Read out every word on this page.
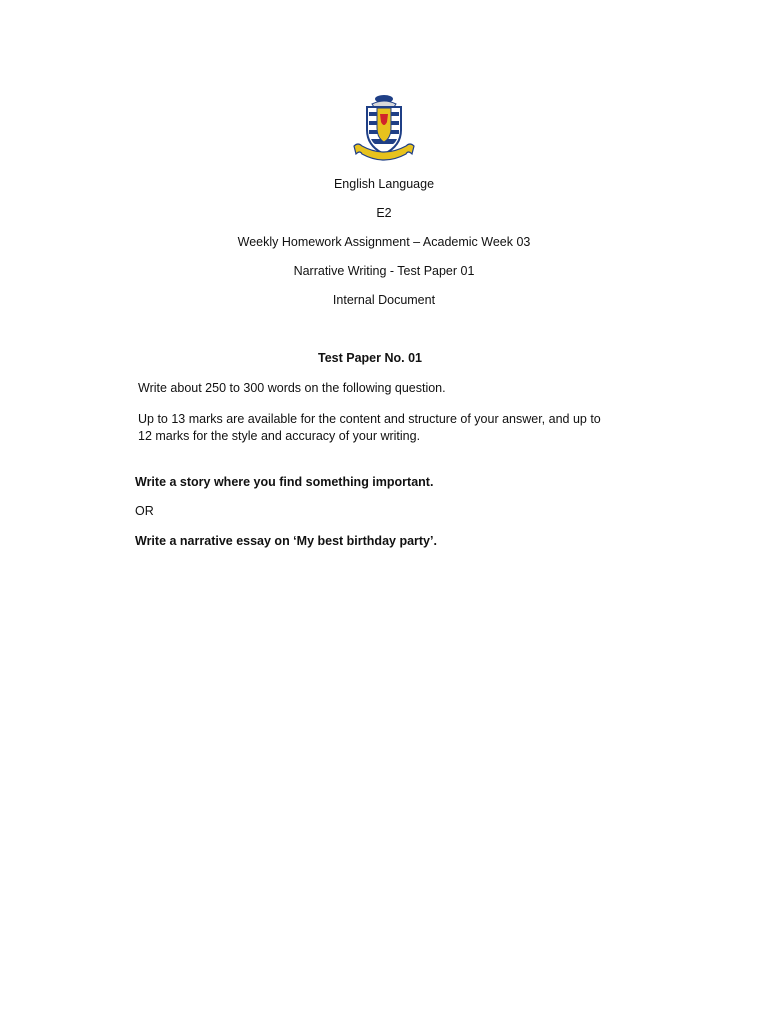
English Language
E2
Weekly Homework Assignment – Academic Week 03
Narrative Writing - Test Paper 01
Internal Document
Test Paper No. 01
Write about 250 to 300 words on the following question.
Up to 13 marks are available for the content and structure of your answer, and up to 12 marks for the style and accuracy of your writing.
Write a story where you find something important.
OR
Write a narrative essay on ‘My best birthday party’.
